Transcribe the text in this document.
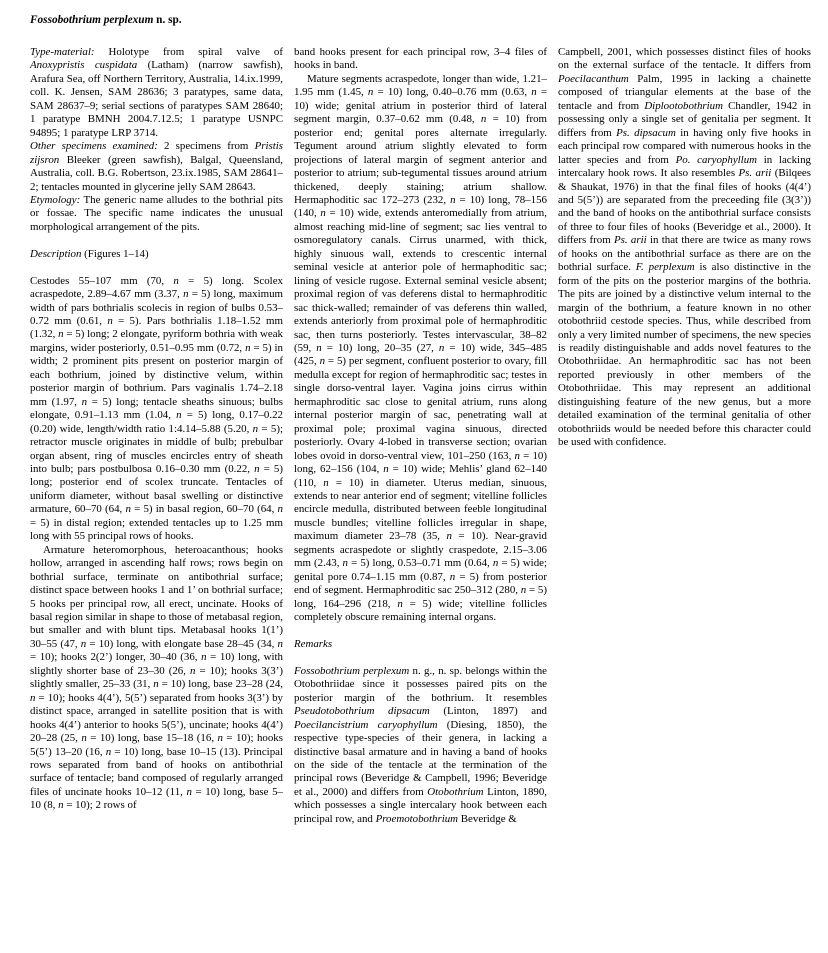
Fossobothrium perplexum n. sp.

Type-material: Holotype from spiral valve of Anoxypristis cuspidata (Latham) (narrow sawfish), Arafura Sea, off Northern Territory, Australia, 14.ix.1999, coll. K. Jensen, SAM 28636; 3 paratypes, same data, SAM 28637–9; serial sections of paratypes SAM 28640; 1 paratype BMNH 2004.7.12.5; 1 paratype USNPC 94895; 1 paratype LRP 3714.

Other specimens examined: 2 specimens from Pristis zijsron Bleeker (green sawfish), Balgal, Queensland, Australia, coll. B.G. Robertson, 23.ix.1985, SAM 28641–2; tentacles mounted in glycerine jelly SAM 28643.

Etymology: The generic name alludes to the bothrial pits or fossae. The specific name indicates the unusual morphological arrangement of the pits.

Description (Figures 1–14)

Cestodes 55–107 mm (70, n = 5) long. Scolex acraspedote, 2.89–4.67 mm (3.37, n = 5) long, maximum width of pars bothrialis scolecis in region of bulbs 0.53–0.72 mm (0.61, n = 5). Pars bothrialis 1.18–1.52 mm (1.32, n = 5) long; 2 elongate, pyriform bothria with weak margins, wider posteriorly, 0.51–0.95 mm (0.72, n = 5) in width; 2 prominent pits present on posterior margin of each bothrium, joined by distinctive velum, within posterior margin of bothrium. Pars vaginalis 1.74–2.18 mm (1.97, n = 5) long; tentacle sheaths sinuous; bulbs elongate, 0.91–1.13 mm (1.04, n = 5) long, 0.17–0.22 (0.20) wide, length/width ratio 1:4.14–5.88 (5.20, n = 5); retractor muscle originates in middle of bulb; prebulbar organ absent, ring of muscles encircles entry of sheath into bulb; pars postbulbosa 0.16–0.30 mm (0.22, n = 5) long; posterior end of scolex truncate. Tentacles of uniform diameter, without basal swelling or distinctive armature, 60–70 (64, n = 5) in basal region, 60–70 (64, n = 5) in distal region; extended tentacles up to 1.25 mm long with 55 principal rows of hooks.

Armature heteromorphous, heteroacanthous; hooks hollow, arranged in ascending half rows; rows begin on bothrial surface, terminate on antibothrial surface; distinct space between hooks 1 and 1’ on bothrial surface; 5 hooks per principal row, all erect, uncinate. Hooks of basal region similar in shape to those of metabasal region, but smaller and with blunt tips. Metabasal hooks 1(1’) 30–55 (47, n = 10) long, with elongate base 28–45 (34, n = 10); hooks 2(2’) longer, 30–40 (36, n = 10) long, with slightly shorter base of 23–30 (26, n = 10); hooks 3(3’) slightly smaller, 25–33 (31, n = 10) long, base 23–28 (24, n = 10); hooks 4(4’), 5(5’) separated from hooks 3(3’) by distinct space, arranged in satellite position that is with hooks 4(4’) anterior to hooks 5(5’), uncinate; hooks 4(4’) 20–28 (25, n = 10) long, base 15–18 (16, n = 10); hooks 5(5’) 13–20 (16, n = 10) long, base 10–15 (13). Principal rows separated from band of hooks on antibothrial surface of tentacle; band composed of regularly arranged files of uncinate hooks 10–12 (11, n = 10) long, base 5–10 (8, n = 10); 2 rows of

band hooks present for each principal row, 3–4 files of hooks in band.

Mature segments acraspedote, longer than wide, 1.21–1.95 mm (1.45, n = 10) long, 0.40–0.76 mm (0.63, n = 10) wide; genital atrium in posterior third of lateral segment margin, 0.37–0.62 mm (0.48, n = 10) from posterior end; genital pores alternate irregularly. Tegument around atrium slightly elevated to form projections of lateral margin of segment anterior and posterior to atrium; sub-tegumental tissues around atrium thickened, deeply staining; atrium shallow. Hermaphoditic sac 172–273 (232, n = 10) long, 78–156 (140, n = 10) wide, extends anteromedially from atrium, almost reaching mid-line of segment; sac lies ventral to osmoregulatory canals. Cirrus unarmed, with thick, highly sinuous wall, extends to crescentic internal seminal vesicle at anterior pole of hermaphoditic sac; lining of vesicle rugose. External seminal vesicle absent; proximal region of vas deferens distal to hermaphroditic sac thick-walled; remainder of vas deferens thin walled, extends anteriorly from proximal pole of hermaphroditic sac, then turns posteriorly. Testes intervascular, 38–82 (59, n = 10) long, 20–35 (27, n = 10) wide, 345–485 (425, n = 5) per segment, confluent posterior to ovary, fill medulla except for region of hermaphroditic sac; testes in single dorso-ventral layer. Vagina joins cirrus within hermaphroditic sac close to genital atrium, runs along internal posterior margin of sac, penetrating wall at proximal pole; proximal vagina sinuous, directed posteriorly. Ovary 4-lobed in transverse section; ovarian lobes ovoid in dorso-ventral view, 101–250 (163, n = 10) long, 62–156 (104, n = 10) wide; Mehlis’ gland 62–140 (110, n = 10) in diameter. Uterus median, sinuous, extends to near anterior end of segment; vitelline follicles encircle medulla, distributed between feeble longitudinal muscle bundles; vitelline follicles irregular in shape, maximum diameter 23–78 (35, n = 10). Near-gravid segments acraspedote or slightly craspedote, 2.15–3.06 mm (2.43, n = 5) long, 0.53–0.71 mm (0.64, n = 5) wide; genital pore 0.74–1.15 mm (0.87, n = 5) from posterior end of segment. Hermaphroditic sac 250–312 (280, n = 5) long, 164–296 (218, n = 5) wide; vitelline follicles completely obscure remaining internal organs.

Remarks

Fossobothrium perplexum n. g., n. sp. belongs within the Otobothriidae since it possesses paired pits on the posterior margin of the bothrium. It resembles Pseudotobothrium dipsacum (Linton, 1897) and Poecilancistrium caryophyllum (Diesing, 1850), the respective type-species of their genera, in lacking a distinctive basal armature and in having a band of hooks on the side of the tentacle at the termination of the principal rows (Beveridge & Campbell, 1996; Beveridge et al., 2000) and differs from Otobothrium Linton, 1890, which possesses a single intercalary hook between each principal row, and Proemotobothrium Beveridge &

Campbell, 2001, which possesses distinct files of hooks on the external surface of the tentacle. It differs from Poecilacanthum Palm, 1995 in lacking a chainette composed of triangular elements at the base of the tentacle and from Diplootobothrium Chandler, 1942 in possessing only a single set of genitalia per segment. It differs from Ps. dipsacum in having only five hooks in each principal row compared with numerous hooks in the latter species and from Po. caryophyllum in lacking intercalary hook rows. It also resembles Ps. arii (Bilqees & Shaukat, 1976) in that the final files of hooks (4(4’) and 5(5’)) are separated from the preceeding file (3(3’)) and the band of hooks on the antibothrial surface consists of three to four files of hooks (Beveridge et al., 2000). It differs from Ps. arii in that there are twice as many rows of hooks on the antibothrial surface as there are on the bothrial surface. F. perplexum is also distinctive in the form of the pits on the posterior margins of the bothria. The pits are joined by a distinctive velum internal to the margin of the bothrium, a feature known in no other otobothriid cestode species. Thus, while described from only a very limited number of specimens, the new species is readily distinguishable and adds novel features to the Otobothriidae. An hermaphroditic sac has not been reported previously in other members of the Otobothriidae. This may represent an additional distinguishing feature of the new genus, but a more detailed examination of the terminal genitalia of other otobothriids would be needed before this character could be used with confidence.
